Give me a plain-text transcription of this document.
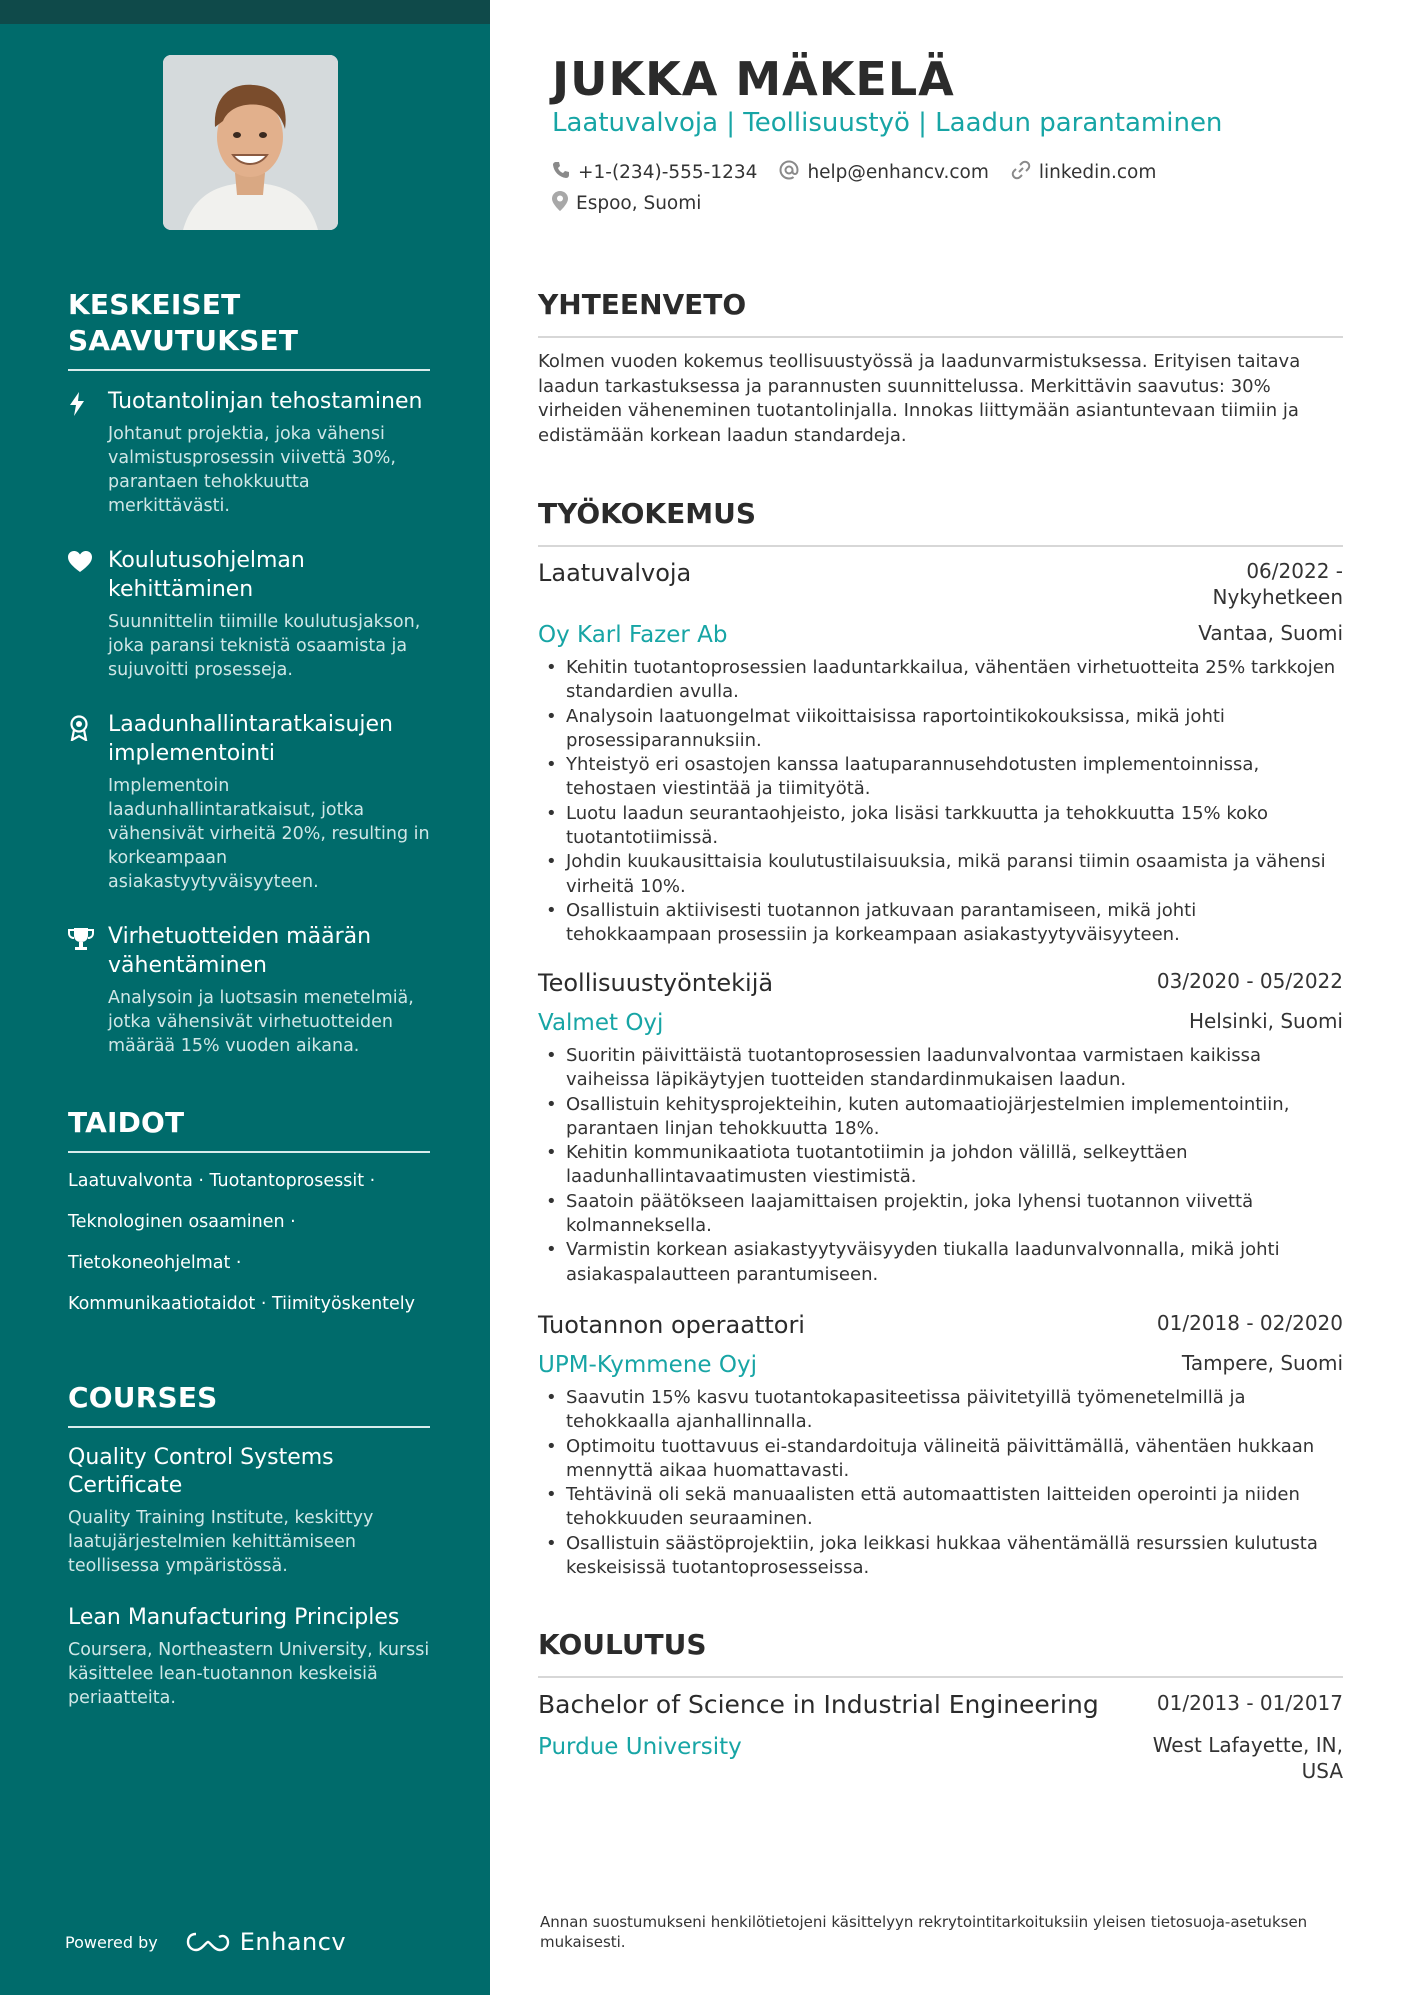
KESKEISET SAAVUTUKSET
Tuotantolinjan tehostaminen
Johtanut projektia, joka vähensi valmistusprosessin viivettä 30%, parantaen tehokkuutta merkittävästi.
Koulutusohjelman kehittäminen
Suunnittelin tiimille koulutusjakson, joka paransi teknistä osaamista ja sujuvoitti prosesseja.
Laadunhallintaratkaisujen implementointi
Implementoin laadunhallintaratkaisut, jotka vähensivät virheitä 20%, resulting in korkeampaan asiakastyytyväisyyteen.
Virhetuotteiden määrän vähentäminen
Analysoin ja luotsasin menetelmiä, jotka vähensivät virhetuotteiden määrää 15% vuoden aikana.
TAIDOT
Laatuvalvonta · Tuotantoprosessit ·
Teknologinen osaaminen ·
Tietokoneohjelmat ·
Kommunikaatiotaidot · Tiimityöskentely
COURSES
Quality Control Systems Certificate
Quality Training Institute, keskittyy laatujärjestelmien kehittämiseen teollisessa ympäristössä.
Lean Manufacturing Principles
Coursera, Northeastern University, kurssi käsittelee lean-tuotannon keskeisiä periaatteita.
Powered by	Enhancv
JUKKA MÄKELÄ
Laatuvalvoja | Teollisuustyö | Laadun parantaminen
+1-(234)-555-1234	help@enhancv.com	linkedin.com
Espoo, Suomi
YHTEENVETO

Kolmen vuoden kokemus teollisuustyössä ja laadunvarmistuksessa. Erityisen taitava laadun tarkastuksessa ja parannusten suunnittelussa. Merkittävin saavutus: 30% virheiden väheneminen tuotantolinjalla. Innokas liittymään asiantuntevaan tiimiin ja edistämään korkean laadun standardeja.

TYÖKOKEMUS
Laatuvalvoja	06/2022 - Nykyhetkeen
Oy Karl Fazer Ab	Vantaa, Suomi
• Kehitin tuotantoprosessien laaduntarkkailua, vähentäen virhetuotteita 25% tarkkojen standardien avulla.
• Analysoin laatuongelmat viikoittaisissa raportointikokouksissa, mikä johti prosessiparannuksiin.
• Yhteistyö eri osastojen kanssa laatuparannusehdotusten implementoinnissa, tehostaen viestintää ja tiimityötä.
• Luotu laadun seurantaohjeisto, joka lisäsi tarkkuutta ja tehokkuutta 15% koko tuotantotiimissä.
• Johdin kuukausittaisia koulutustilaisuuksia, mikä paransi tiimin osaamista ja vähensi virheitä 10%.
• Osallistuin aktiivisesti tuotannon jatkuvaan parantamiseen, mikä johti tehokkaampaan prosessiin ja korkeampaan asiakastyytyväisyyteen.
Teollisuustyöntekijä	03/2020 - 05/2022
Valmet Oyj	Helsinki, Suomi
• Suoritin päivittäistä tuotantoprosessien laadunvalvontaa varmistaen kaikissa vaiheissa läpikäytyjen tuotteiden standardinmukaisen laadun.
• Osallistuin kehitysprojekteihin, kuten automaatiojärjestelmien implementointiin, parantaen linjan tehokkuutta 18%.
• Kehitin kommunikaatiota tuotantotiimin ja johdon välillä, selkeyttäen laadunhallintavaatimusten viestimistä.
• Saatoin päätökseen laajamittaisen projektin, joka lyhensi tuotannon viivettä kolmanneksella.
• Varmistin korkean asiakastyytyväisyyden tiukalla laadunvalvonnalla, mikä johti asiakaspalautteen parantumiseen.
Tuotannon operaattori	01/2018 - 02/2020
UPM-Kymmene Oyj	Tampere, Suomi
• Saavutin 15% kasvu tuotantokapasiteetissa päivitetyillä työmenetelmillä ja tehokkaalla ajanhallinnalla.
• Optimoitu tuottavuus ei-standardoituja välineitä päivittämällä, vähentäen hukkaan mennyttä aikaa huomattavasti.
• Tehtävinä oli sekä manuaalisten että automaattisten laitteiden operointi ja niiden tehokkuuden seuraaminen.
• Osallistuin säästöprojektiin, joka leikkasi hukkaa vähentämällä resurssien kulutusta keskeisissä tuotantoprosesseissa.
KOULUTUS
Bachelor of Science in Industrial Engineering	01/2013 - 01/2017
Purdue University	West Lafayette, IN, USA

Annan suostumukseni henkilötietojeni käsittelyyn rekrytointitarkoituksiin yleisen tietosuoja-asetuksen mukaisesti.
